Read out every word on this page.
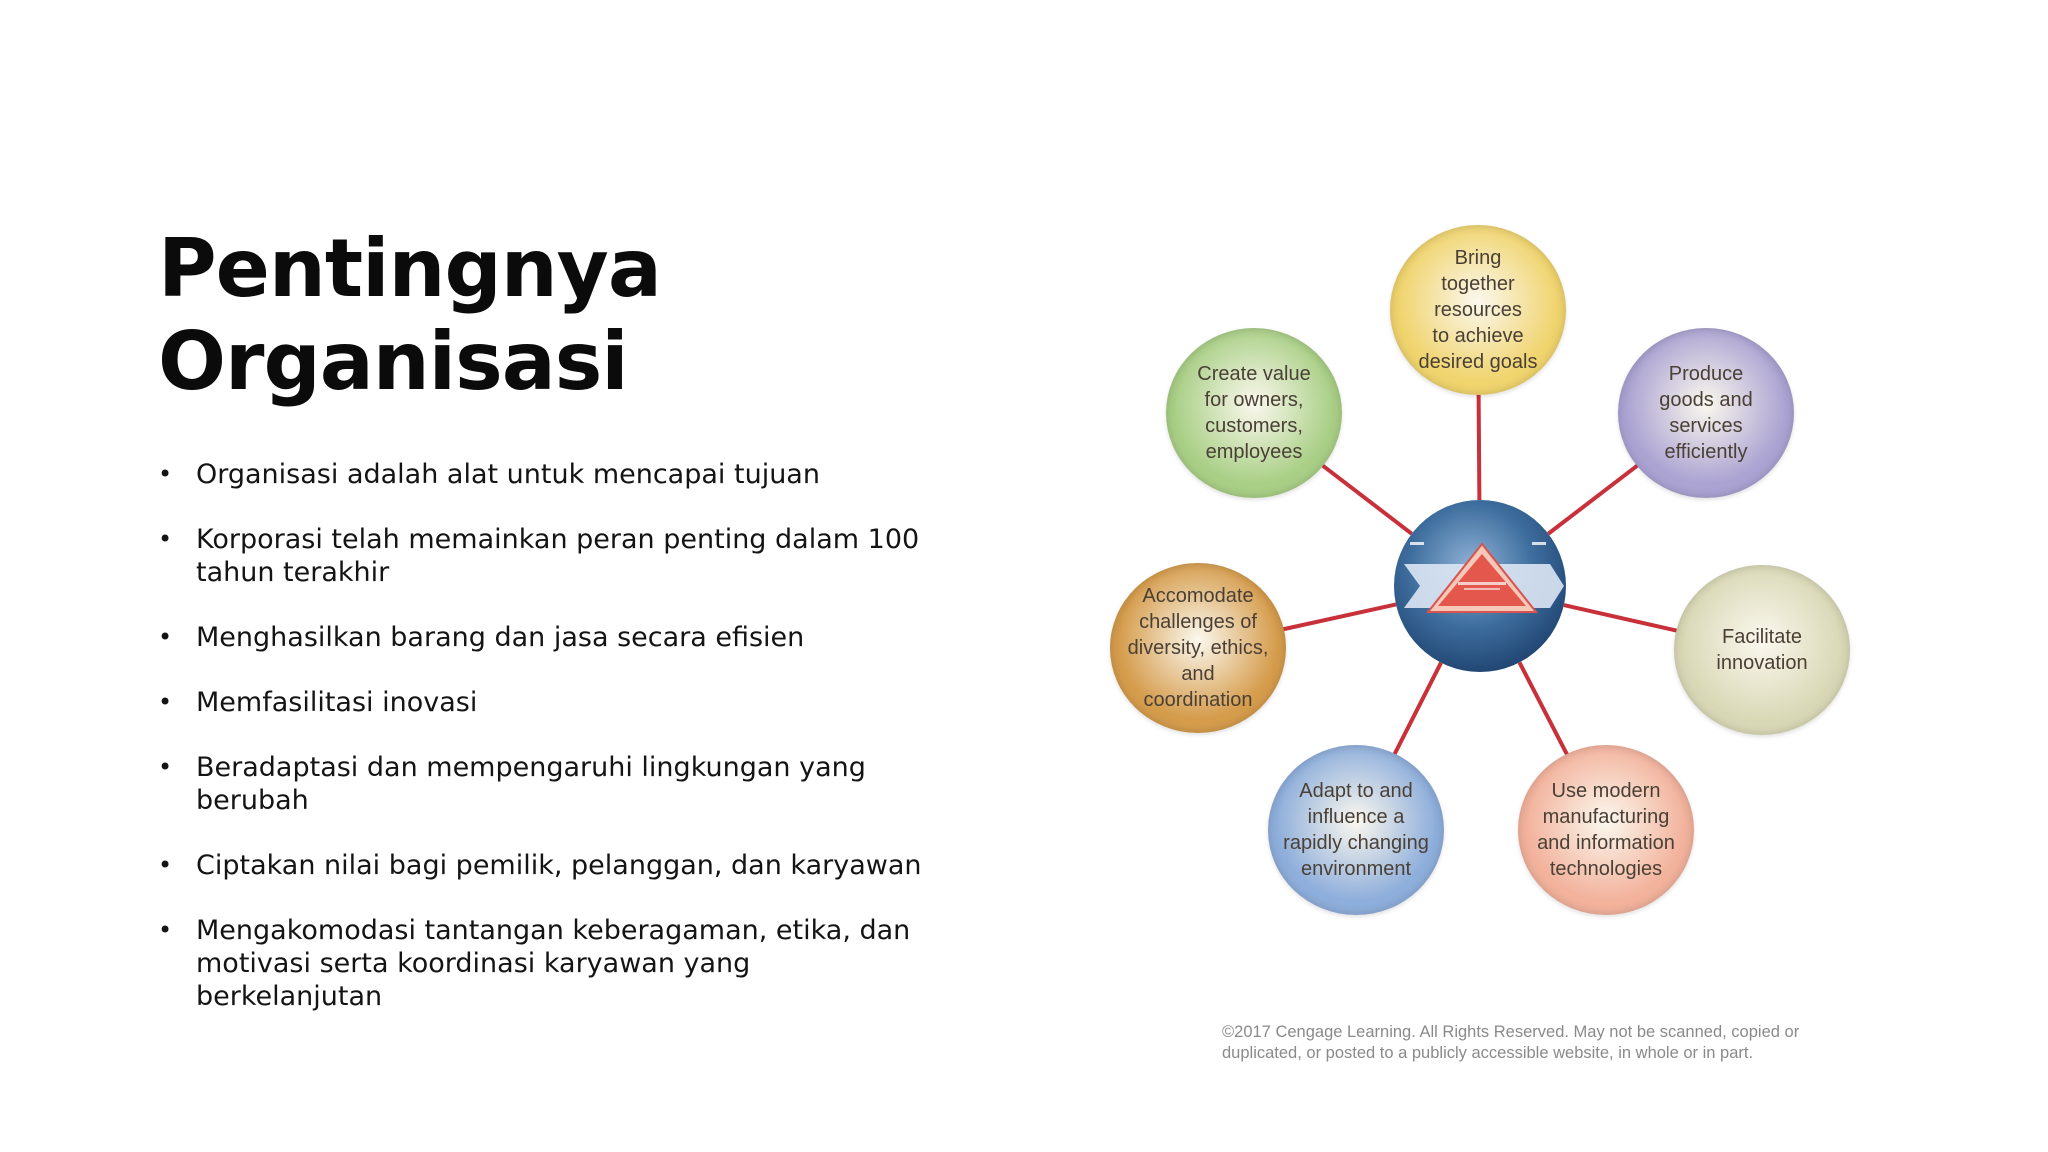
Pentingnya
Organisasi
• Organisasi adalah alat untuk mencapai tujuan
• Korporasi telah memainkan peran penting dalam 100 tahun terakhir
• Menghasilkan barang dan jasa secara efisien
• Memfasilitasi inovasi
• Beradaptasi dan mempengaruhi lingkungan yang berubah
• Ciptakan nilai bagi pemilik, pelanggan, dan karyawan
• Mengakomodasi tantangan keberagaman, etika, dan motivasi serta koordinasi karyawan yang berkelanjutan
Bring
together resources
to achieve
desired goals
Produce
goods and
services
efficiently
Facilitate
innovation
Use modern
manufacturing
and information
technologies
Adapt to and
influence a
rapidly changing
environment
Accomodate
challenges of
diversity, ethics, and
coordination
Create value
for owners,
customers,
employees

©2017 Cengage Learning. All Rights Reserved. May not be scanned, copied or
duplicated, or posted to a publicly accessible website, in whole or in part.
